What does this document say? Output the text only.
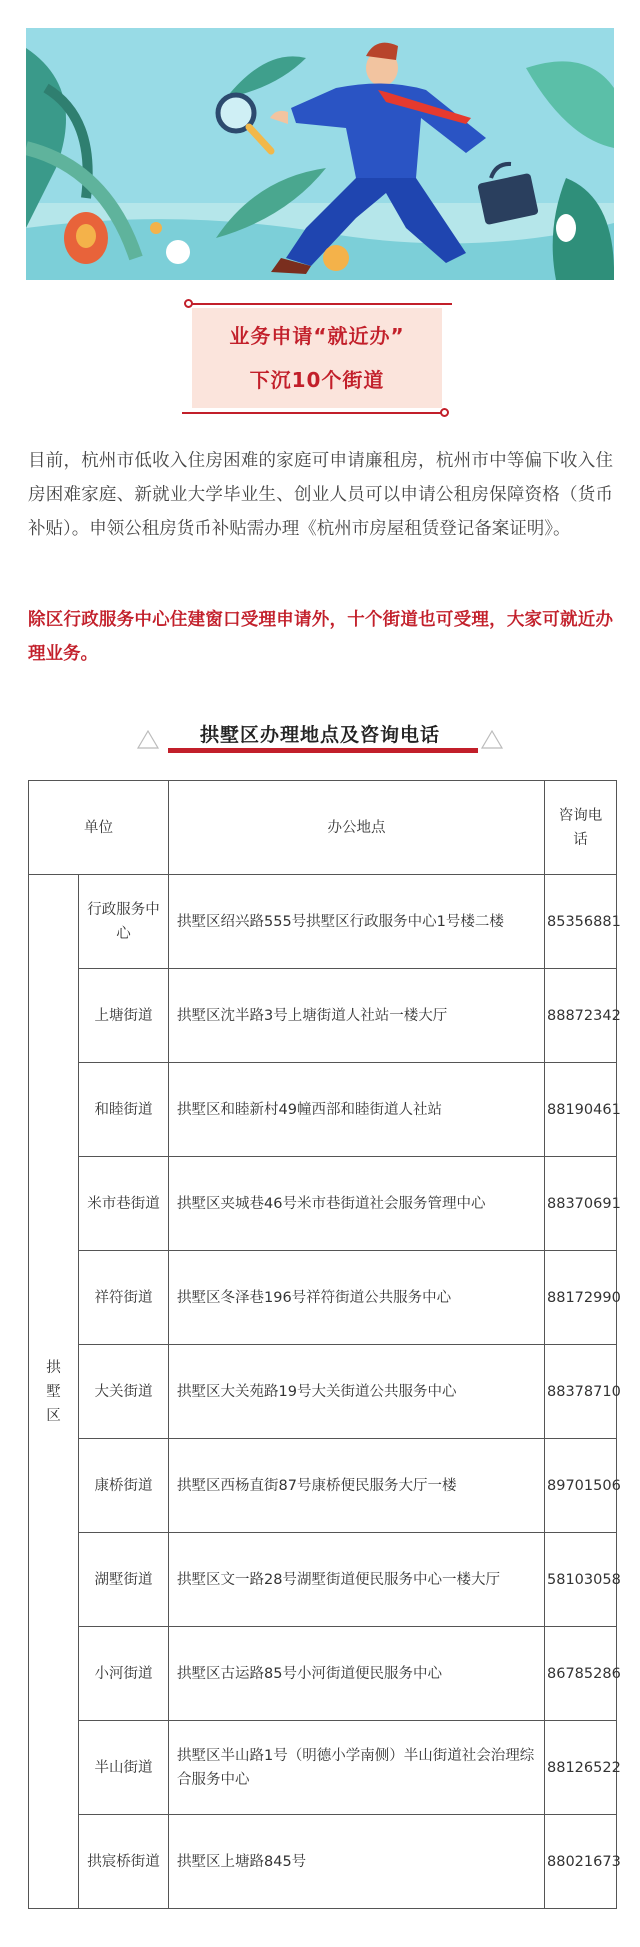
业务申请“就近办”
下沉10个街道

目前，杭州市低收入住房困难的家庭可申请廉租房，杭州市中等偏下收入住房困难家庭、新就业大学毕业生、创业人员可以申请公租房保障资格（货币补贴）。申领公租房货币补贴需办理《杭州市房屋租赁登记备案证明》。

除区行政服务中心住建窗口受理申请外，十个街道也可受理，大家可就近办理业务。

拱墅区办理地点及咨询电话
单位		办公地点	咨询电话
拱墅区	行政服务中心	拱墅区绍兴路555号拱墅区行政服务中心1号楼二楼	85356881
	上塘街道	拱墅区沈半路3号上塘街道人社站一楼大厅	88872342
	和睦街道	拱墅区和睦新村49幢西部和睦街道人社站	88190461
	米市巷街道	拱墅区夹城巷46号米市巷街道社会服务管理中心	88370691
	祥符街道	拱墅区冬泽巷196号祥符街道公共服务中心	88172990
	大关街道	拱墅区大关苑路19号大关街道公共服务中心	88378710
	康桥街道	拱墅区西杨直街87号康桥便民服务大厅一楼	89701506
	湖墅街道	拱墅区文一路28号湖墅街道便民服务中心一楼大厅	58103058
	小河街道	拱墅区古运路85号小河街道便民服务中心	86785286
	半山街道	拱墅区半山路1号（明德小学南侧）半山街道社会治理综合服务中心	88126522
	拱宸桥街道	拱墅区上塘路845号	88021673
